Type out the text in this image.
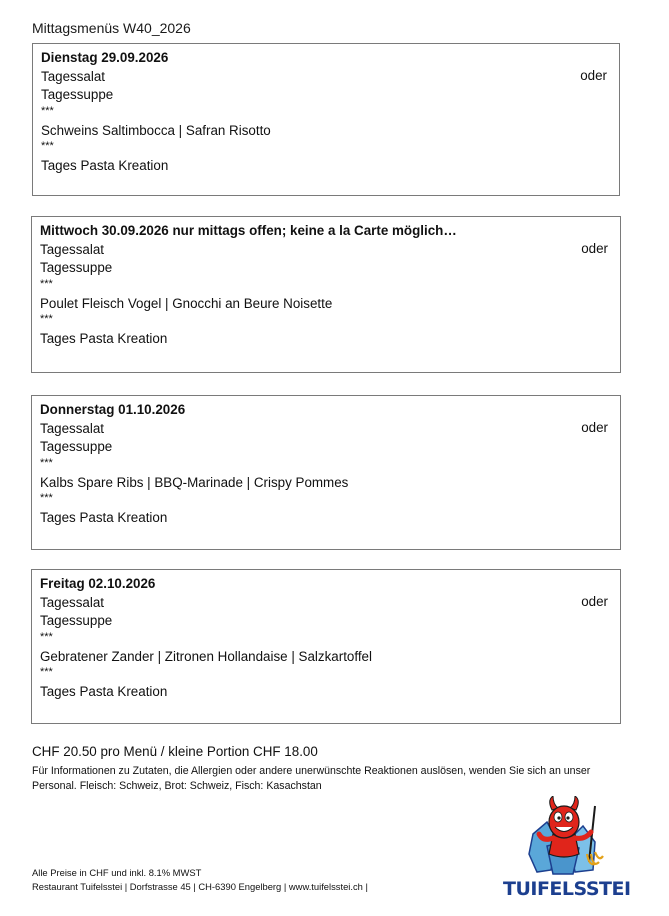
Mittagsmenüs W40_2026
Dienstag 29.09.2026
oder
Tagessalat
Tagessuppe
***
Schweins Saltimbocca | Safran Risotto
***
Tages Pasta Kreation
Mittwoch 30.09.2026 nur mittags offen; keine a la Carte möglich…
oder
Tagessalat
Tagessuppe
***
Poulet Fleisch Vogel | Gnocchi an Beure Noisette
***
Tages Pasta Kreation
Donnerstag 01.10.2026
oder
Tagessalat
Tagessuppe
***
Kalbs Spare Ribs | BBQ-Marinade | Crispy Pommes
***
Tages Pasta Kreation
Freitag 02.10.2026
oder
Tagessalat
Tagessuppe
***
Gebratener Zander | Zitronen Hollandaise | Salzkartoffel
***
Tages Pasta Kreation
CHF 20.50 pro Menü / kleine Portion CHF 18.00
Für Informationen zu Zutaten, die Allergien oder andere unerwünschte Reaktionen auslösen, wenden Sie sich an unser Personal. Fleisch: Schweiz, Brot: Schweiz, Fisch: Kasachstan
Alle Preise in CHF und inkl. 8.1% MWST
Restaurant Tuifelsstei | Dorfstrasse 45 | CH-6390 Engelberg | www.tuifelsstei.ch |	TUIFELSSTEI
